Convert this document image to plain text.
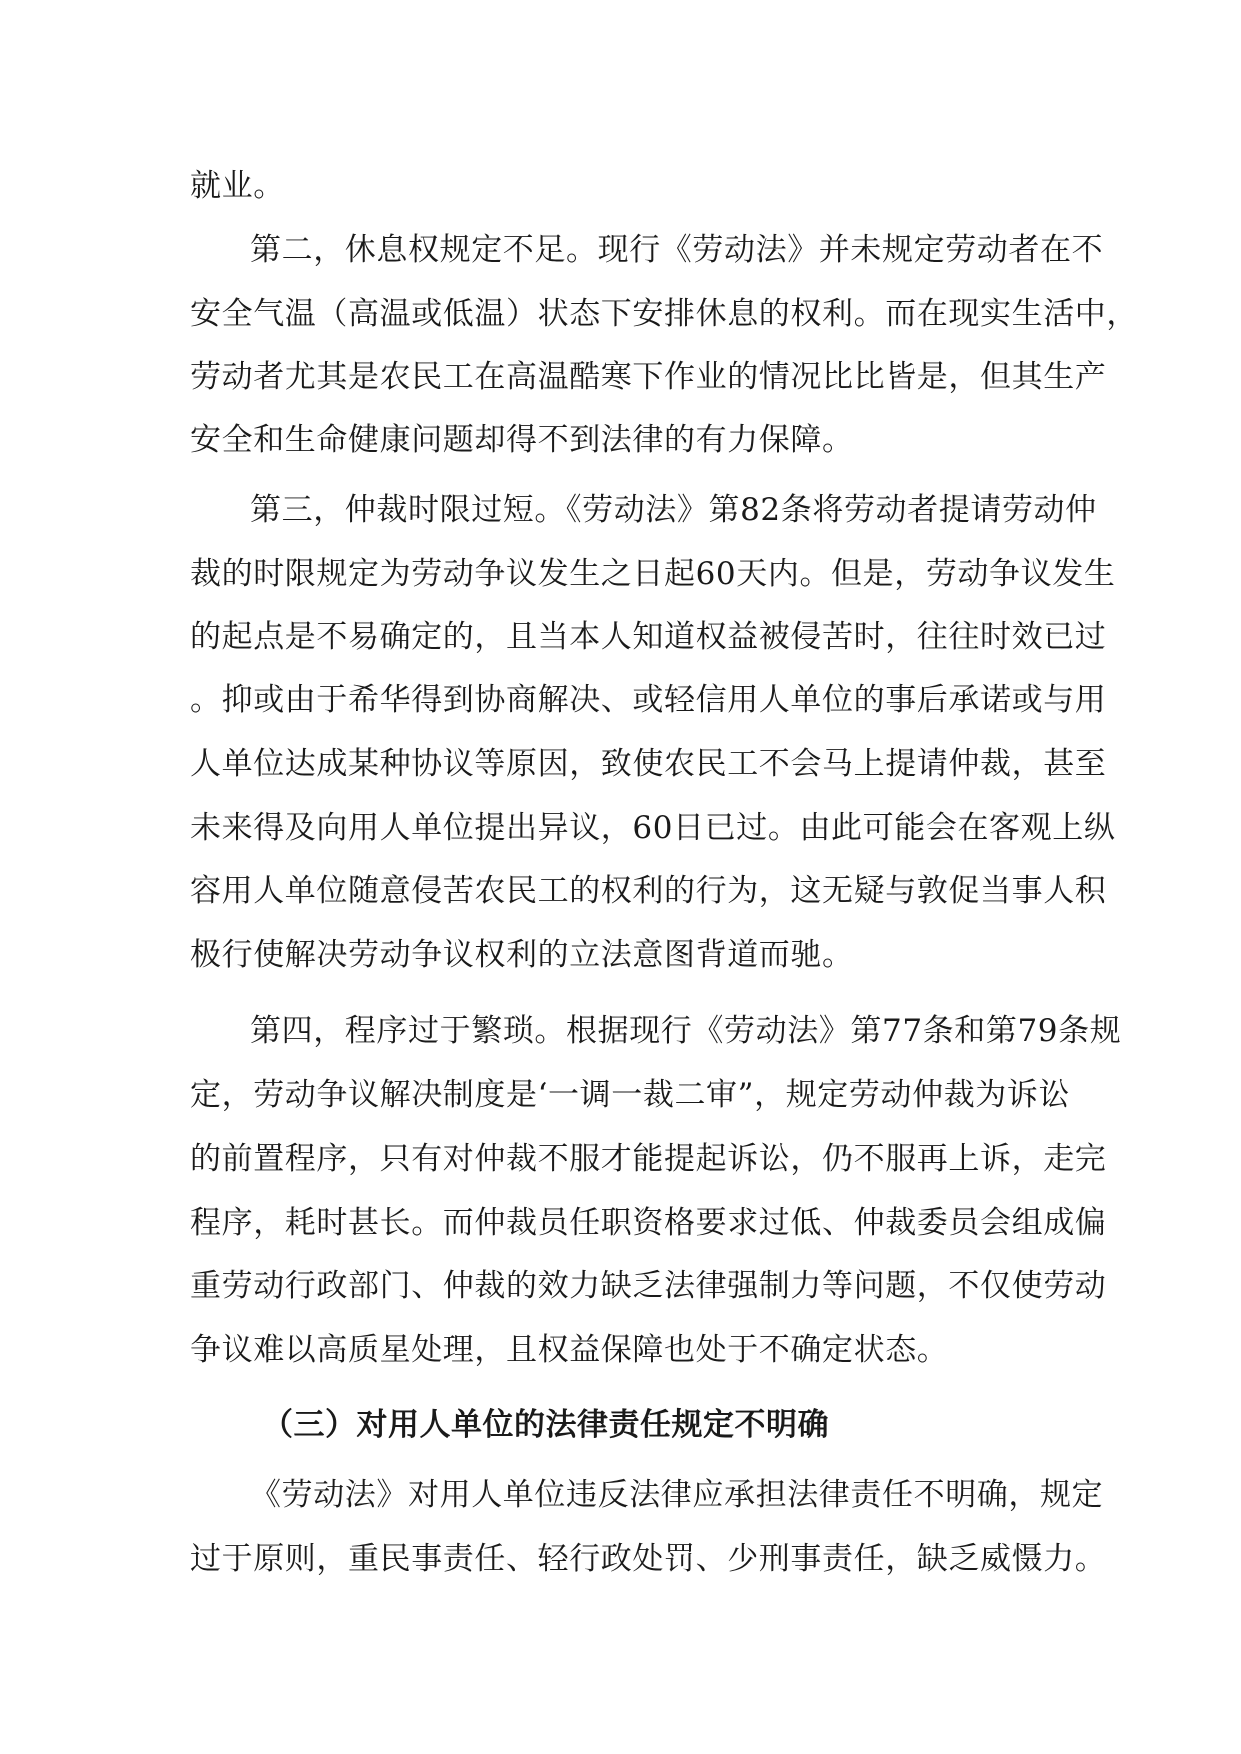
就业。
第二，休息权规定不足。现行《劳动法》并未规定劳动者在不
安全气温（高温或低温）状态下安排休息的权利。而在现实生活中，
劳动者尤其是农民工在高温酷寒下作业的情况比比皆是，但其生产
安全和生命健康问题却得不到法律的有力保障。
第三，仲裁时限过短。《劳动法》第82条将劳动者提请劳动仲
裁的时限规定为劳动争议发生之日起60天内。但是，劳动争议发生
的起点是不易确定的，且当本人知道权益被侵苦时，往往时效已过
。抑或由于希华得到协商解决、或轻信用人单位的事后承诺或与用
人单位达成某种协议等原因，致使农民工不会马上提请仲裁，甚至
未来得及向用人单位提出异议，60日已过。由此可能会在客观上纵
容用人单位随意侵苦农民工的权利的行为，这无疑与敦促当事人积
极行使解决劳动争议权利的立法意图背道而驰。
第四，程序过于繁琐。根据现行《劳动法》第77条和第79条规
定，劳动争议解决制度是‘一调一裁二审”，规定劳动仲裁为诉讼
的前置程序，只有对仲裁不服才能提起诉讼，仍不服再上诉，走完
程序，耗时甚长。而仲裁员任职资格要求过低、仲裁委员会组成偏
重劳动行政部门、仲裁的效力缺乏法律强制力等问题，不仅使劳动
争议难以高质星处理，且权益保障也处于不确定状态。
（三）对用人单位的法律责任规定不明确
《劳动法》对用人单位违反法律应承担法律责任不明确，规定
过于原则，重民事责任、轻行政处罚、少刑事责任，缺乏威慑力。
